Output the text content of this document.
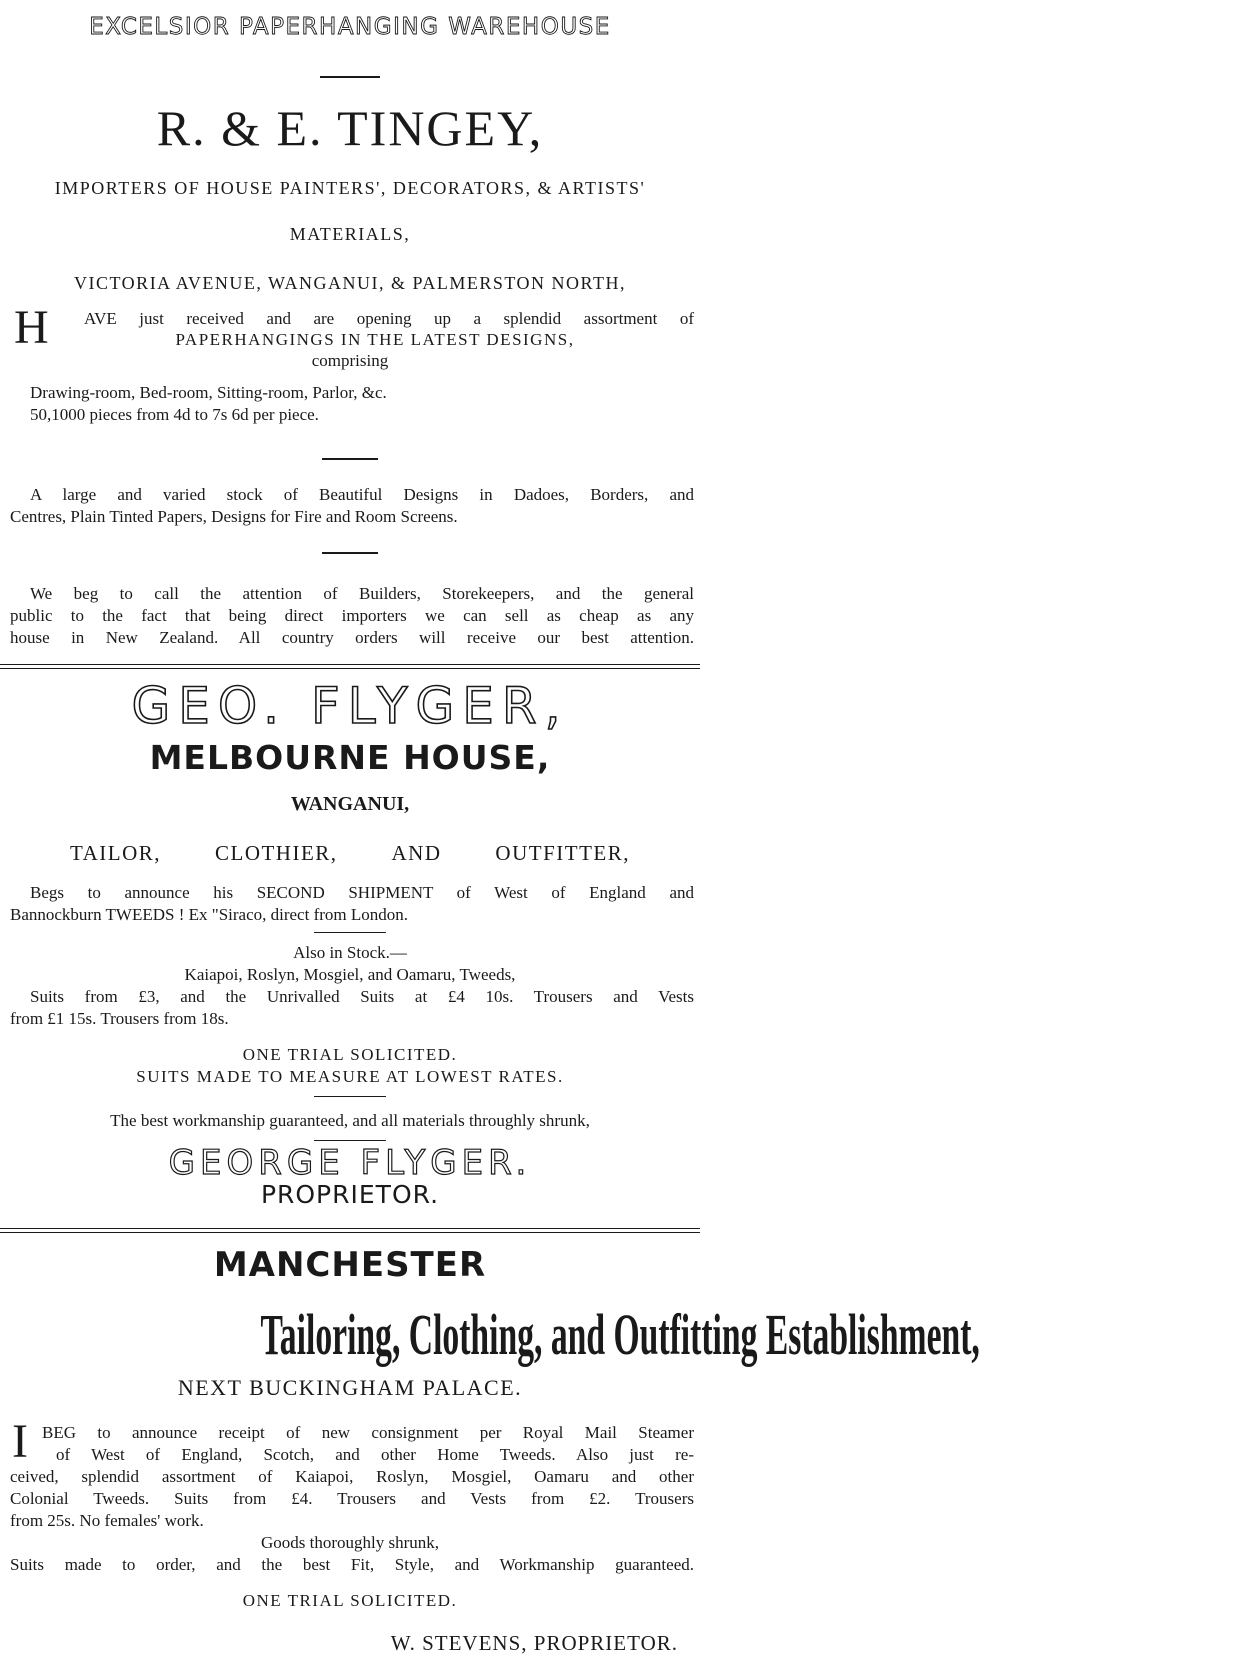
EXCELSIOR PAPERHANGING WAREHOUSE
R. & E. TINGEY,
IMPORTERS OF HOUSE PAINTERS', DECORATORS, & ARTISTS'
MATERIALS,
VICTORIA AVENUE, WANGANUI, & PALMERSTON NORTH,
H AVE just received and are opening up a splendid assortment of
PAPERHANGINGS IN THE LATEST DESIGNS,
comprising
Drawing-room, Bed-room, Sitting-room, Parlor, &c.
50,1000 pieces from 4d to 7s 6d per piece.
A large and varied stock of Beautiful Designs in Dadoes, Borders, and
Centres, Plain Tinted Papers, Designs for Fire and Room Screens.
We beg to call the attention of Builders, Storekeepers, and the general
public to the fact that being direct importers we can sell as cheap as any
house in New Zealand. All country orders will receive our best attention.
GEO. FLYGER,
MELBOURNE HOUSE,
WANGANUI,
TAILOR,	CLOTHIER,	AND	OUTFITTER,
Begs to announce his SECOND SHIPMENT of West of England and
Bannockburn TWEEDS ! Ex "Siraco, direct from London.
Also in Stock.—
Kaiapoi, Roslyn, Mosgiel, and Oamaru, Tweeds,
Suits from £3, and the Unrivalled Suits at £4 10s. Trousers and Vests
from £1 15s. Trousers from 18s.
ONE TRIAL SOLICITED.
SUITS MADE TO MEASURE AT LOWEST RATES.
The best workmanship guaranteed, and all materials throughly shrunk,
GEORGE FLYGER.
PROPRIETOR.
MANCHESTER
Tailoring, Clothing, and Outfitting Establishment,
NEXT BUCKINGHAM PALACE.
I BEG to announce receipt of new consignment per Royal Mail Steamer
of West of England, Scotch, and other Home Tweeds. Also just re-
ceived, splendid assortment of Kaiapoi, Roslyn, Mosgiel, Oamaru and other
Colonial Tweeds. Suits from £4. Trousers and Vests from £2. Trousers
from 25s. No females' work.
Goods thoroughly shrunk,
Suits made to order, and the best Fit, Style, and Workmanship guaranteed.
ONE TRIAL SOLICITED.
W. STEVENS, PROPRIETOR.
